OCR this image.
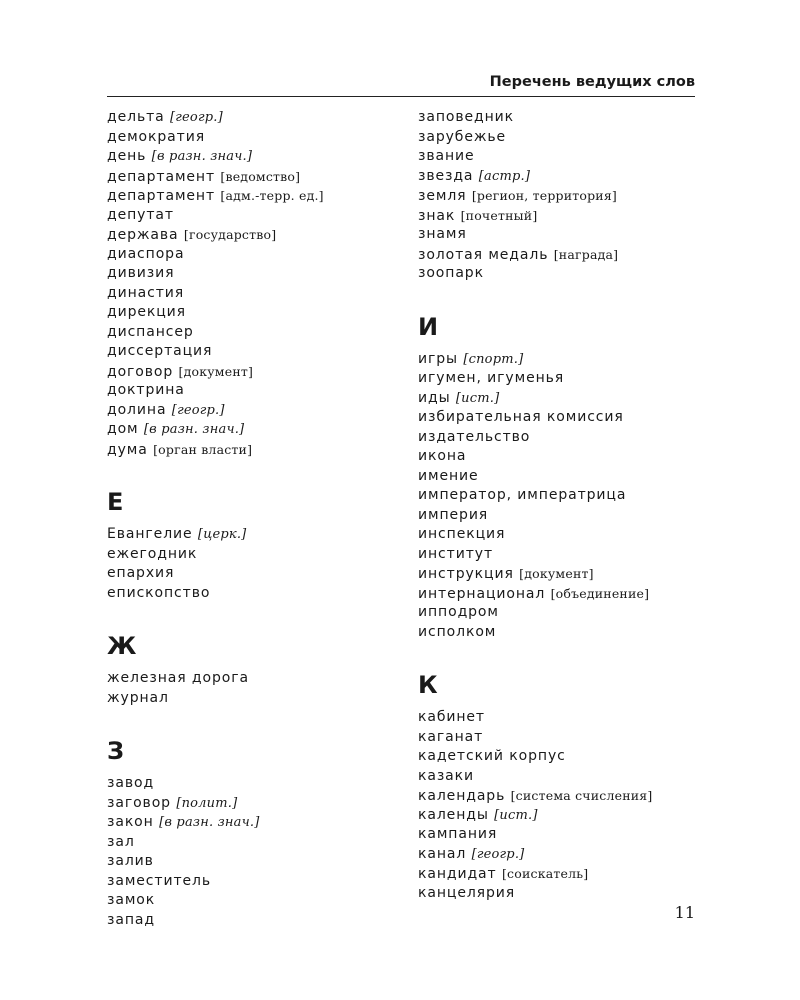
Перечень ведущих слов
дельта [геогр.]
демократия
день [в разн. знач.]
департамент [ведомство]
департамент [адм.-терр. ед.]
депутат
держава [государство]
диаспора
дивизия
династия
дирекция
диспансер
диссертация
договор [документ]
доктрина
долина [геогр.]
дом [в разн. знач.]
дума [орган власти]
Е
Евангелие [церк.]
ежегодник
епархия
епископство
Ж
железная дорога
журнал
З
завод
заговор [полит.]
закон [в разн. знач.]
зал
залив
заместитель
замок
запад
заповедник
зарубежье
звание
звезда [астр.]
земля [регион, территория]
знак [почетный]
знамя
золотая медаль [награда]
зоопарк
И
игры [спорт.]
игумен, игуменья
иды [ист.]
избирательная комиссия
издательство
икона
имение
император, императрица
империя
инспекция
институт
инструкция [документ]
интернационал [объединение]
ипподром
исполком
К
кабинет
каганат
кадетский корпус
казаки
календарь [система счисления]
календы [ист.]
кампания
канал [геогр.]
кандидат [соискатель]
канцелярия
11
